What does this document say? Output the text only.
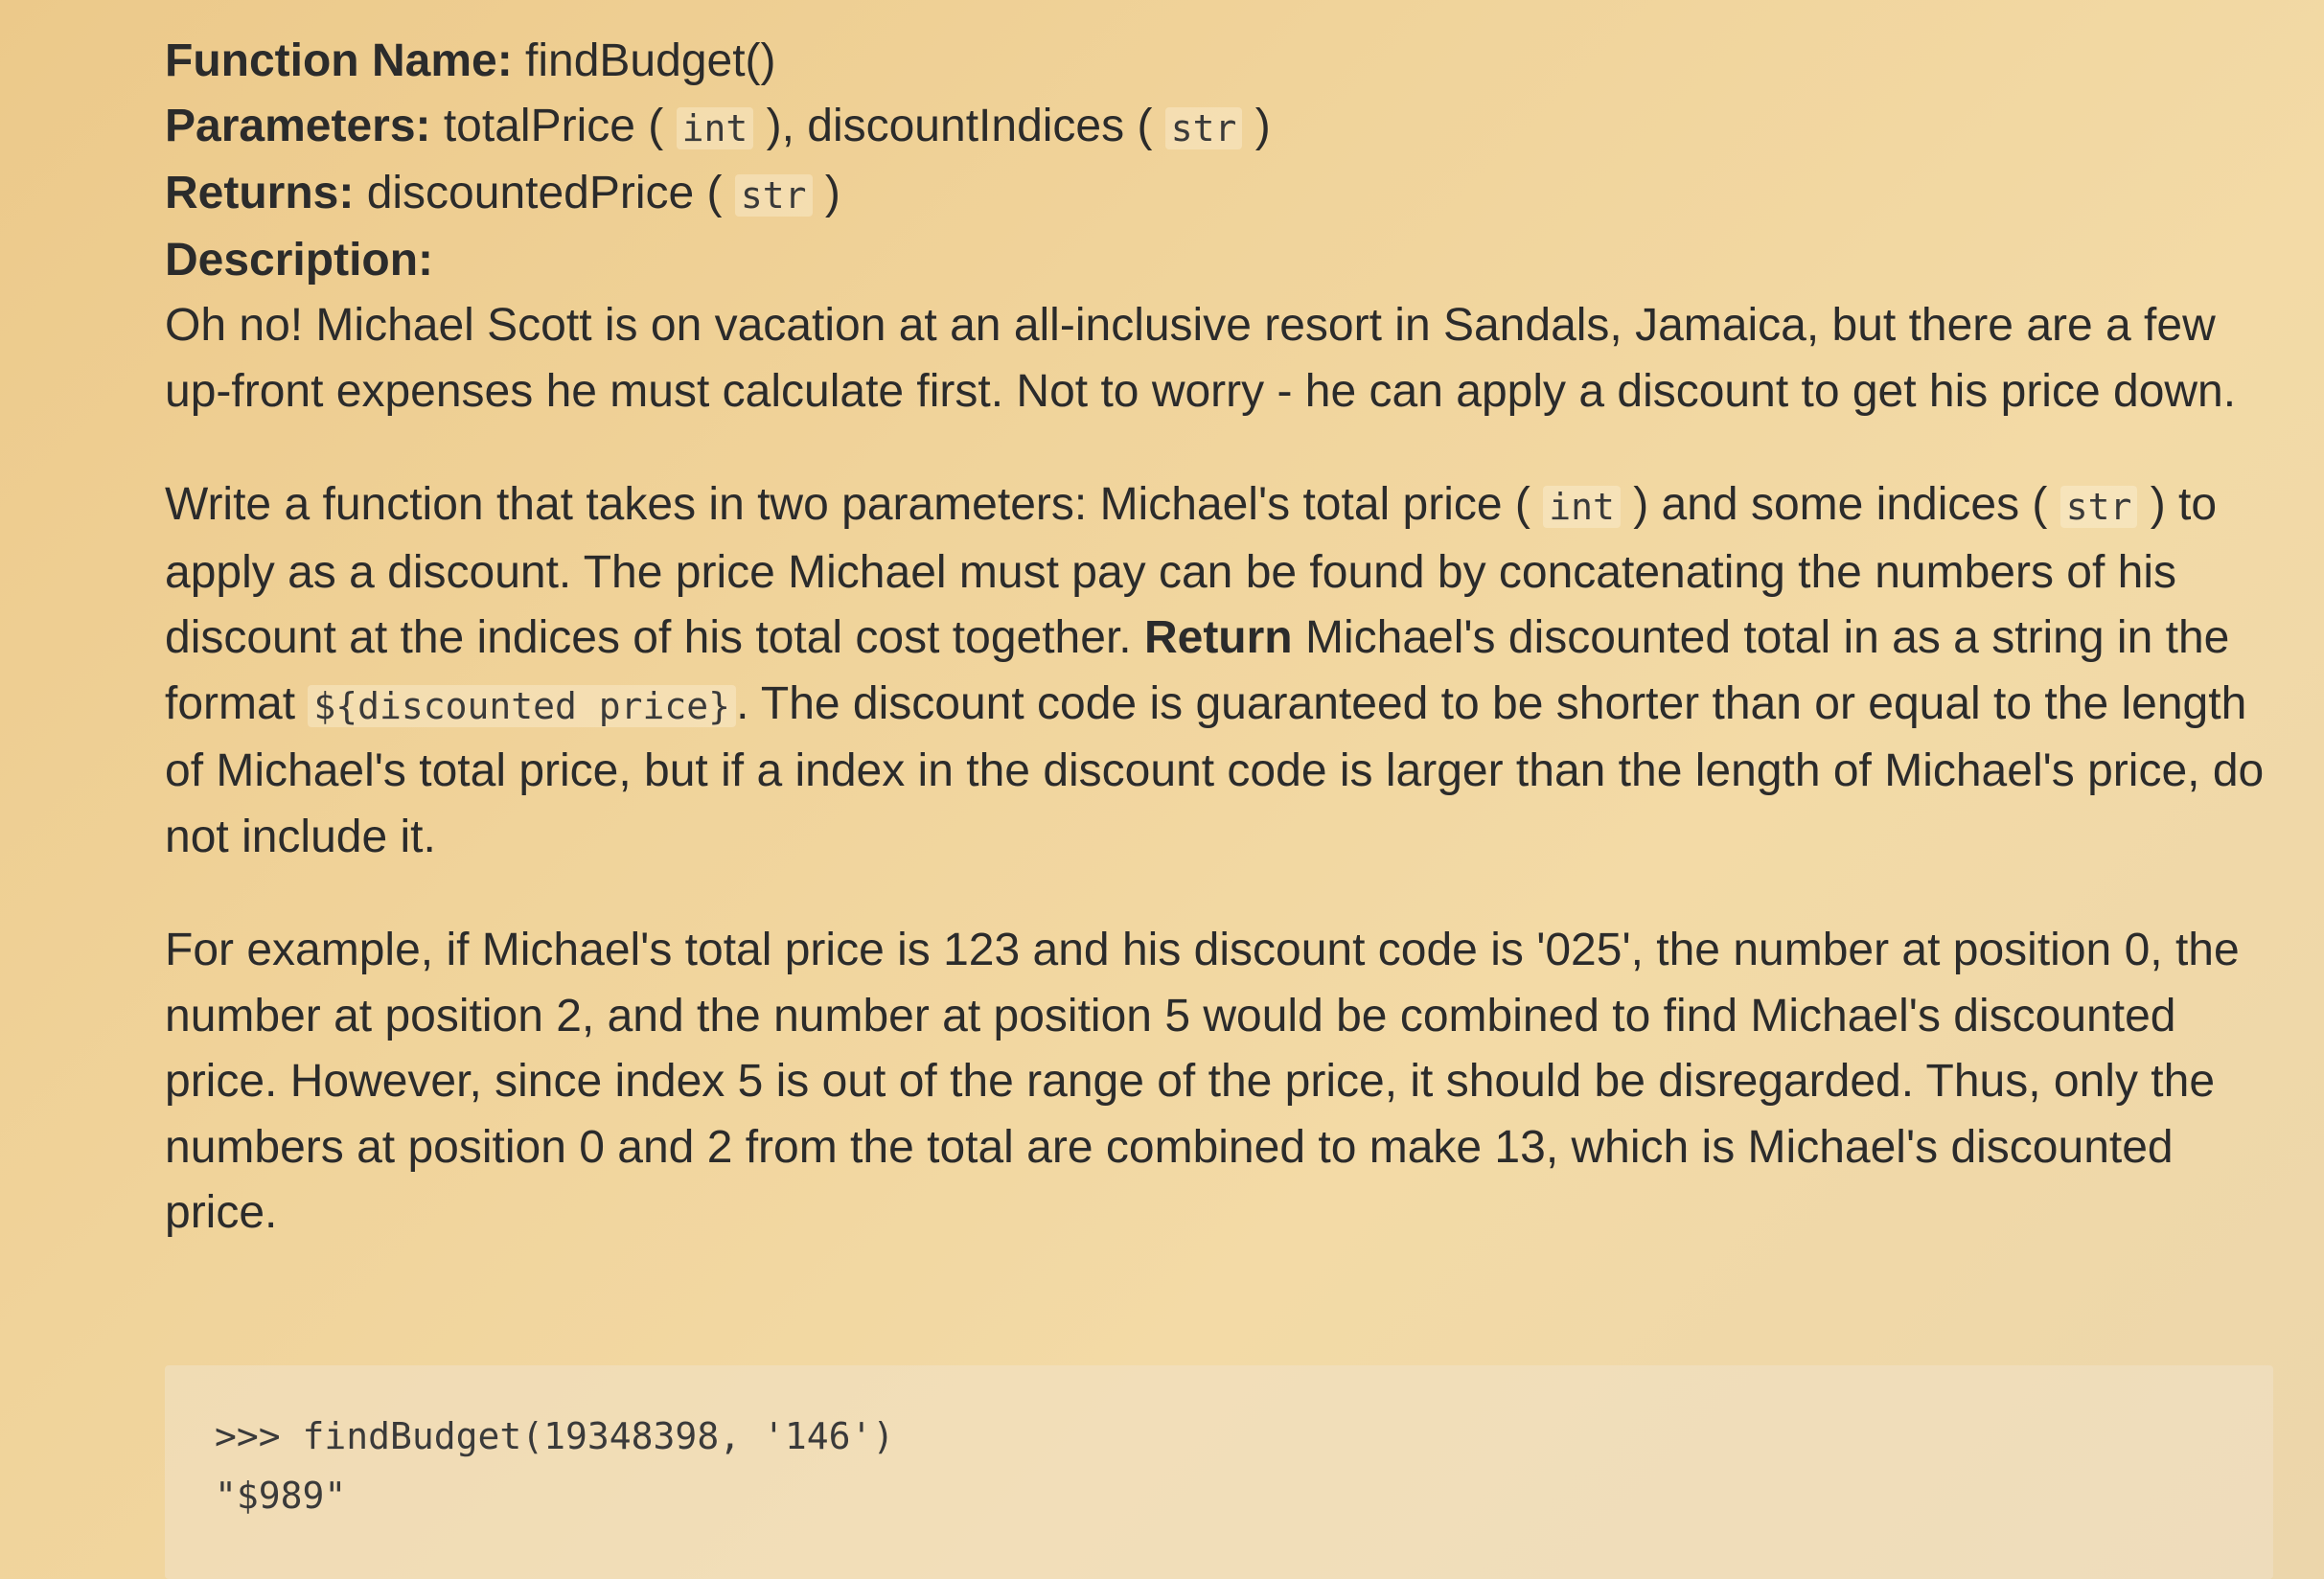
Function Name: findBudget()
Parameters: totalPrice ( int ), discountIndices ( str )
Returns: discountedPrice ( str )
Description:

Oh no! Michael Scott is on vacation at an all-inclusive resort in Sandals, Jamaica, but there are a few up-front expenses he must calculate first. Not to worry - he can apply a discount to get his price down.

Write a function that takes in two parameters: Michael's total price ( int ) and some indices ( str ) to apply as a discount. The price Michael must pay can be found by concatenating the numbers of his discount at the indices of his total cost together. Return Michael's discounted total in as a string in the format ${discounted price} . The discount code is guaranteed to be shorter than or equal to the length of Michael's total price, but if a index in the discount code is larger than the length of Michael's price, do not include it.

For example, if Michael's total price is 123 and his discount code is '025', the number at position 0, the number at position 2, and the number at position 5 would be combined to find Michael's discounted price. However, since index 5 is out of the range of the price, it should be disregarded. Thus, only the numbers at position 0 and 2 from the total are combined to make 13, which is Michael's discounted price.

>>> findBudget(19348398, '146')
"$989"
